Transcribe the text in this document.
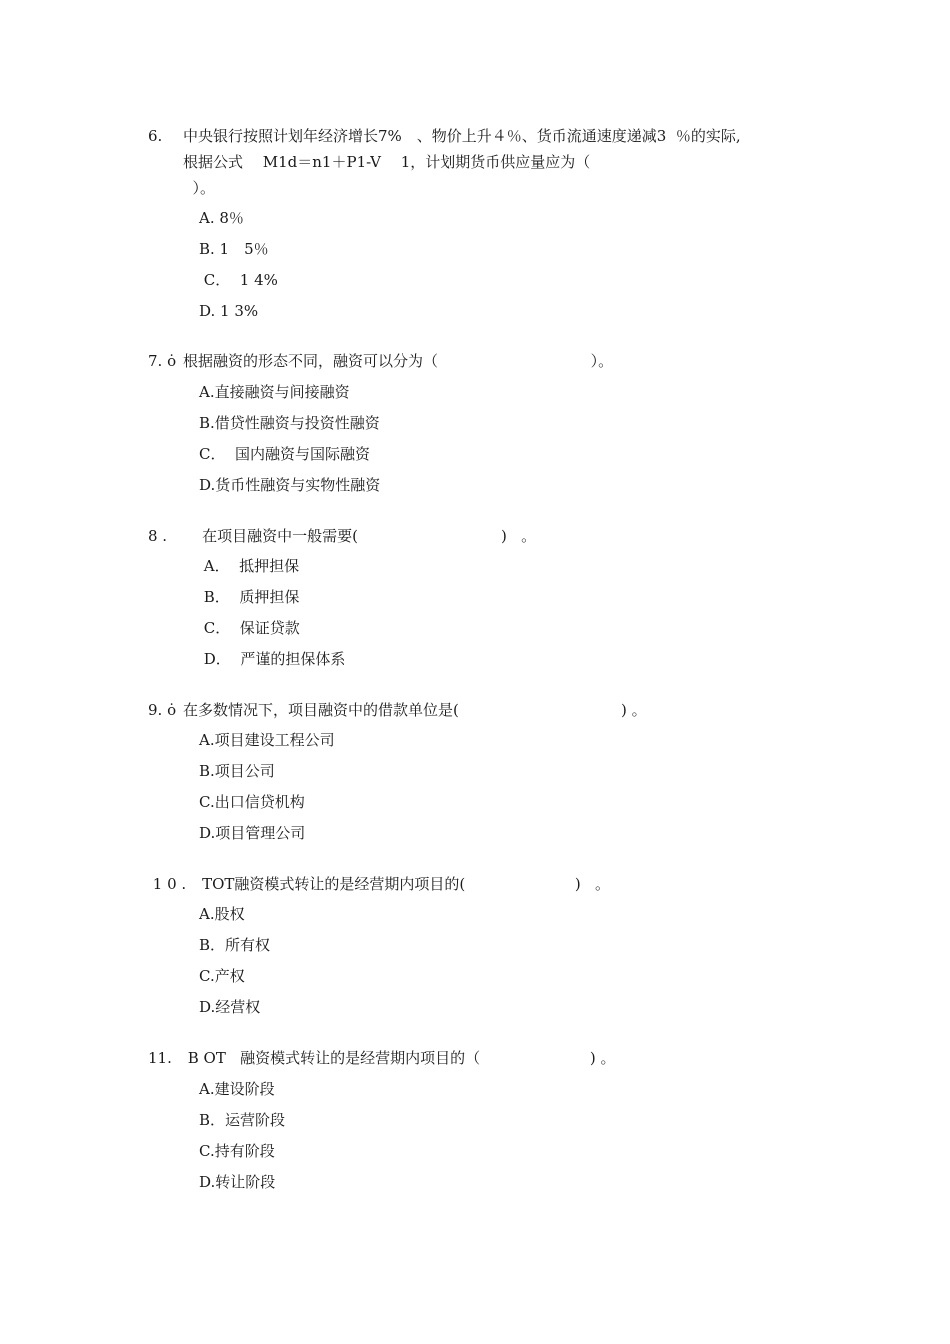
6. 中央银行按照计划年经济增长7%　、物价上升４％、货币流通速度递减3  ％的实际,
根据公式　 M1d＝n1＋P1-V　 1，计划期货币供应量应为（
）。
A. 8％
B. 1　5％
C．  1 4%
D. 1 3%
7. ȯ 根据融资的形态不同，融资可以分为（                                ）。
A.直接融资与间接融资
B.借贷性融资与投资性融资
C．  国内融资与国际融资
D.货币性融资与实物性融资
8 . 在项目融资中一般需要(                              )   。
A．  抵押担保
B．  质押担保
C．  保证贷款
D．  严谨的担保体系
9. ȯ 在多数情况下，项目融资中的借款单位是(                                  ) 。
A.项目建设工程公司
B.项目公司
C.出口信贷机构
D.项目管理公司
1 0 .
TOT融资模式转让的是经营期内项目的(                       )   。
A.股权
B．所有权
C.产权
D.经营权
11. B OT   融资模式转让的是经营期内项目的（                       ) 。
A.建设阶段
B．运营阶段
C.持有阶段
D.转让阶段
